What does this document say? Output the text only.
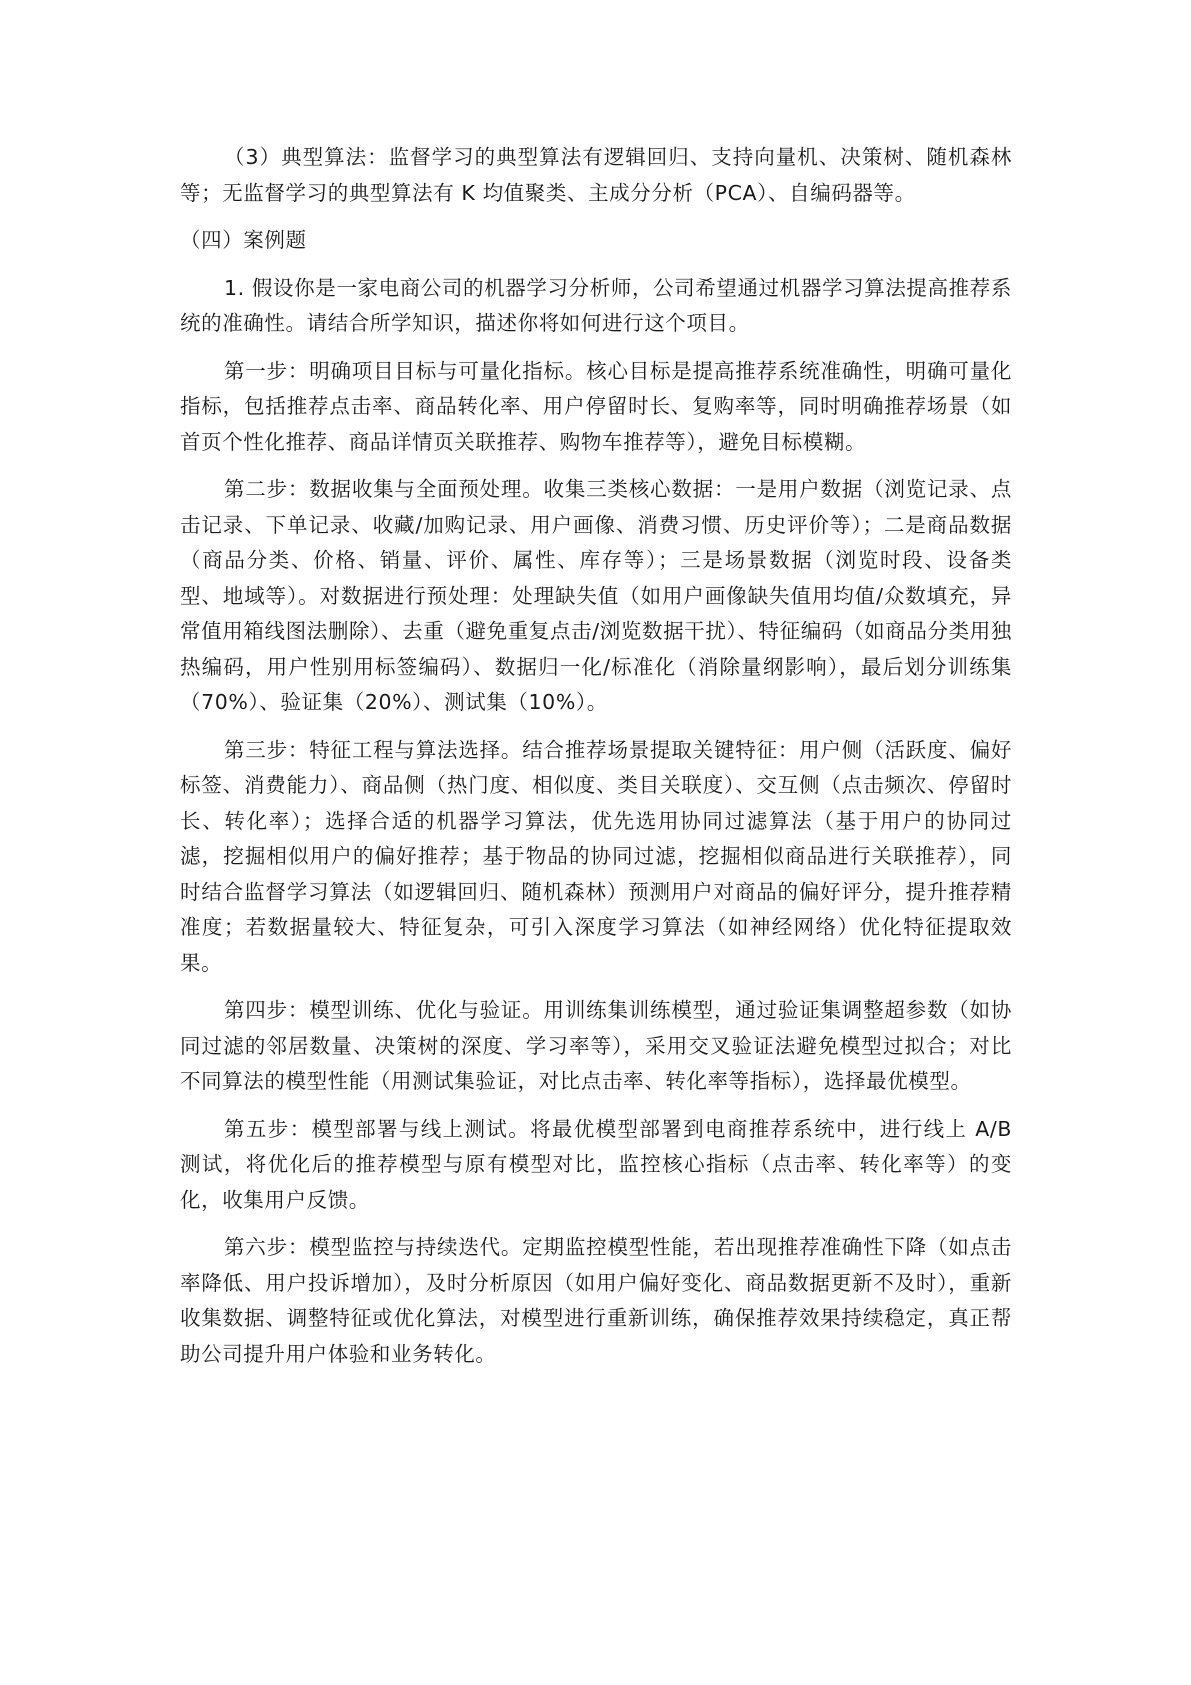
（3）典型算法：监督学习的典型算法有逻辑回归、支持向量机、决策树、随机森林等；无监督学习的典型算法有 K 均值聚类、主成分分析（PCA）、自编码器等。

（四）案例题

1. 假设你是一家电商公司的机器学习分析师，公司希望通过机器学习算法提高推荐系统的准确性。请结合所学知识，描述你将如何进行这个项目。

第一步：明确项目目标与可量化指标。核心目标是提高推荐系统准确性，明确可量化指标，包括推荐点击率、商品转化率、用户停留时长、复购率等，同时明确推荐场景（如首页个性化推荐、商品详情页关联推荐、购物车推荐等），避免目标模糊。

第二步：数据收集与全面预处理。收集三类核心数据：一是用户数据（浏览记录、点击记录、下单记录、收藏/加购记录、用户画像、消费习惯、历史评价等）；二是商品数据（商品分类、价格、销量、评价、属性、库存等）；三是场景数据（浏览时段、设备类型、地域等）。对数据进行预处理：处理缺失值（如用户画像缺失值用均值/众数填充，异常值用箱线图法删除）、去重（避免重复点击/浏览数据干扰）、特征编码（如商品分类用独热编码，用户性别用标签编码）、数据归一化/标准化（消除量纲影响），最后划分训练集（70%）、验证集（20%）、测试集（10%）。

第三步：特征工程与算法选择。结合推荐场景提取关键特征：用户侧（活跃度、偏好标签、消费能力）、商品侧（热门度、相似度、类目关联度）、交互侧（点击频次、停留时长、转化率）；选择合适的机器学习算法，优先选用协同过滤算法（基于用户的协同过滤，挖掘相似用户的偏好推荐；基于物品的协同过滤，挖掘相似商品进行关联推荐），同时结合监督学习算法（如逻辑回归、随机森林）预测用户对商品的偏好评分，提升推荐精准度；若数据量较大、特征复杂，可引入深度学习算法（如神经网络）优化特征提取效果。

第四步：模型训练、优化与验证。用训练集训练模型，通过验证集调整超参数（如协同过滤的邻居数量、决策树的深度、学习率等），采用交叉验证法避免模型过拟合；对比不同算法的模型性能（用测试集验证，对比点击率、转化率等指标），选择最优模型。

第五步：模型部署与线上测试。将最优模型部署到电商推荐系统中，进行线上 A/B 测试，将优化后的推荐模型与原有模型对比，监控核心指标（点击率、转化率等）的变化，收集用户反馈。

第六步：模型监控与持续迭代。定期监控模型性能，若出现推荐准确性下降（如点击率降低、用户投诉增加），及时分析原因（如用户偏好变化、商品数据更新不及时），重新收集数据、调整特征或优化算法，对模型进行重新训练，确保推荐效果持续稳定，真正帮助公司提升用户体验和业务转化。
